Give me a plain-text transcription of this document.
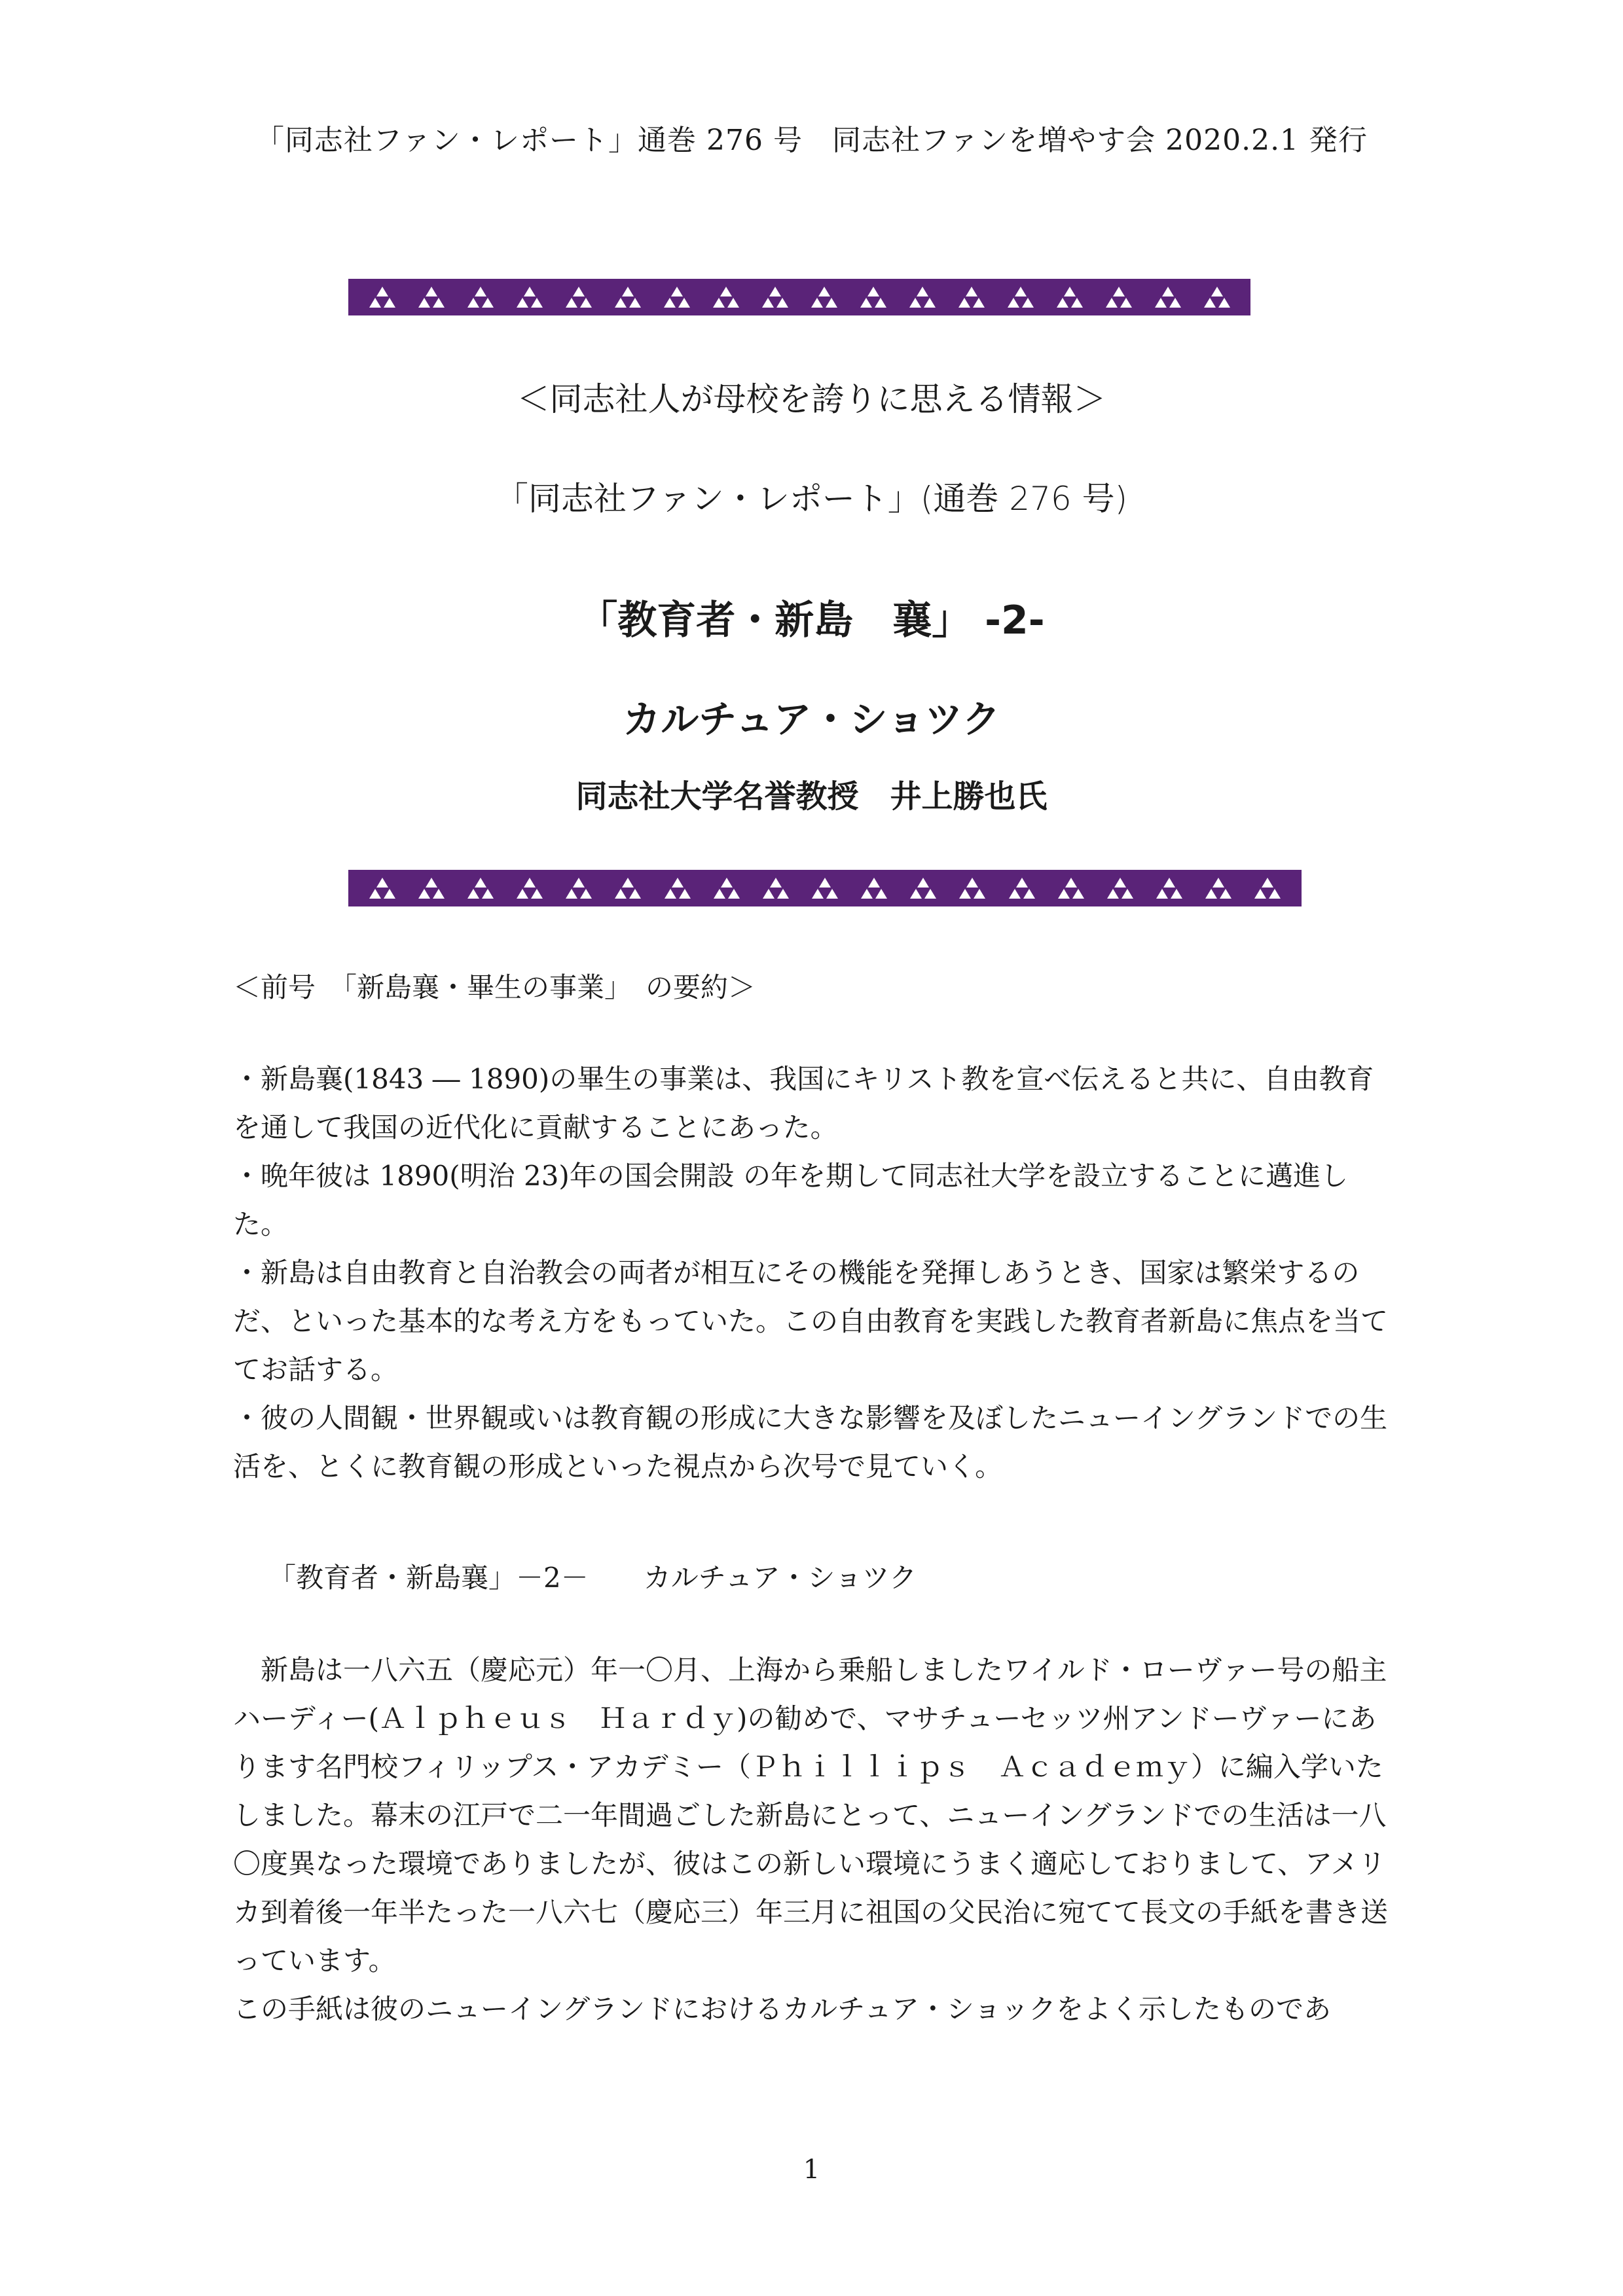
「同志社ファン・レポート」通巻 276 号　同志社ファンを増やす会 2020.2.1 発行
＜同志社人が母校を誇りに思える情報＞
「同志社ファン・レポート」(通巻 276 号)
「教育者・新島　襄」 -2-
カルチュア・ショツク
同志社大学名誉教授　井上勝也氏
＜前号　「新島襄・畢生の事業」　の要約＞
・新島襄(1843 ― 1890)の畢生の事業は、我国にキリスト教を宣べ伝えると共に、自由教育を通して我国の近代化に貢献することにあった。
・晩年彼は 1890(明治 23)年の国会開設 の年を期して同志社大学を設立することに邁進した。
・新島は自由教育と自治教会の両者が相互にその機能を発揮しあうとき、国家は繁栄するのだ、といった基本的な考え方をもっていた。この自由教育を実践した教育者新島に焦点を当ててお話する。
・彼の人間観・世界観或いは教育観の形成に大きな影響を及ぼしたニューイングランドでの生活を、とくに教育観の形成といった視点から次号で見ていく。
「教育者・新島襄」－2－　　カルチュア・ショツク

新島は一八六五（慶応元）年一〇月、上海から乗船しましたワイルド・ローヴァー号の船主ハーディー(Ａｌｐｈｅｕｓ　Ｈａｒｄｙ)の勧めで、マサチューセッツ州アンドーヴァーにあります名門校フィリップス・アカデミー（Ｐｈｉｌｌｉｐｓ　Ａｃａｄｅｍｙ）に編入学いたしました。幕末の江戸で二一年間過ごした新島にとって、ニューイングランドでの生活は一八〇度異なった環境でありましたが、彼はこの新しい環境にうまく適応しておりまして、アメリカ到着後一年半たった一八六七（慶応三）年三月に祖国の父民治に宛てて長文の手紙を書き送っています。

この手紙は彼のニューイングランドにおけるカルチュア・ショックをよく示したものであ

1
